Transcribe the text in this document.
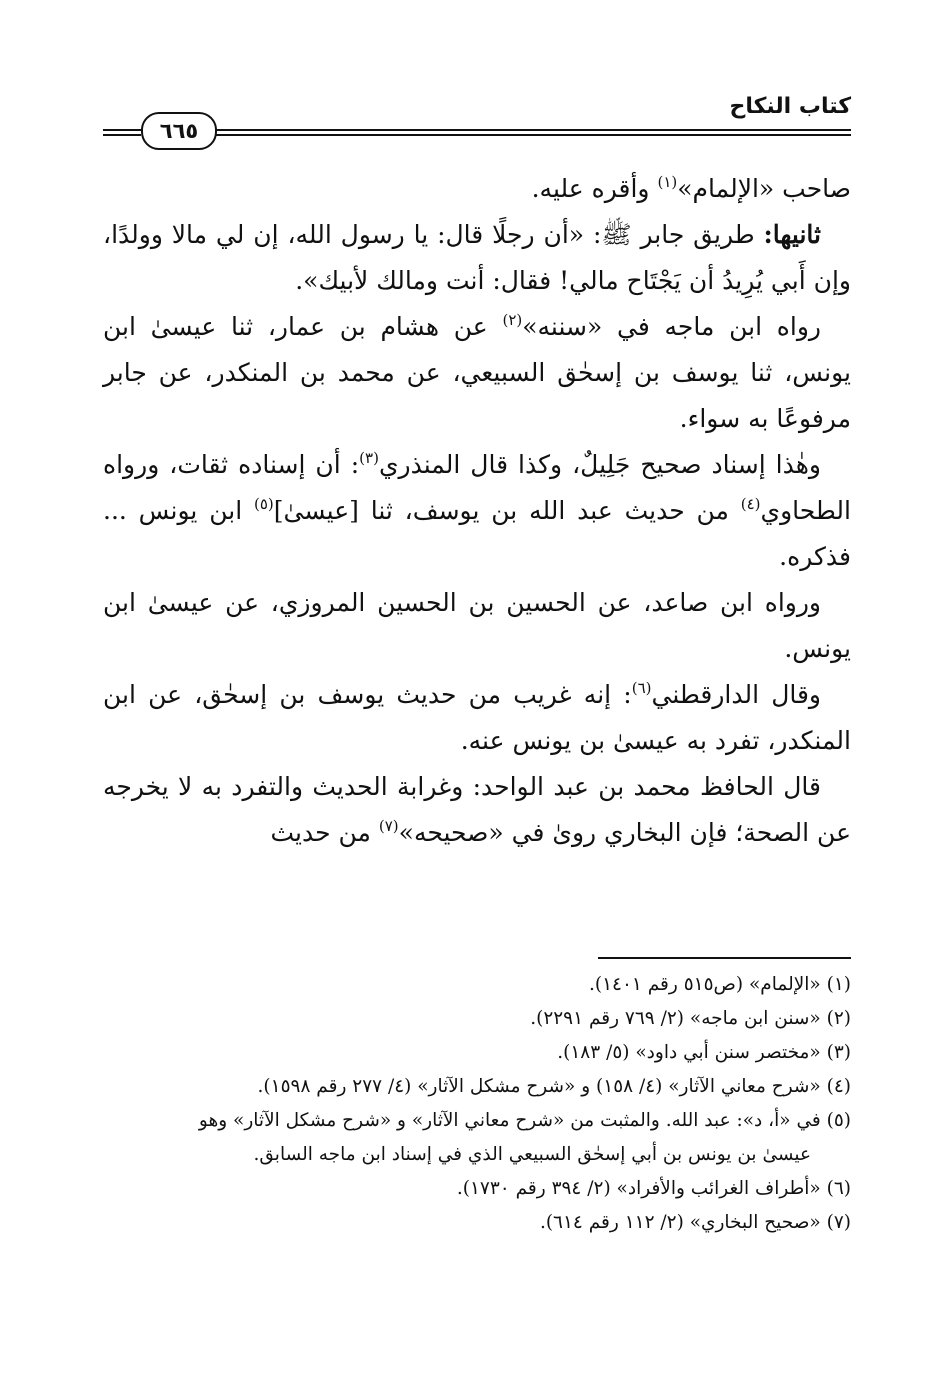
كتاب النكاح
٦٦٥

صاحب «الإلمام»$^{(١)}$ وأقره عليه.

ثانيها: طريق جابر ﷺ: «أن رجلًا قال: يا رسول الله، إن لي مالا وولدًا، وإن أَبي يُرِيدُ أن يَجْتَاح مالي! فقال: أنت ومالك لأبيك».

رواه ابن ماجه في «سننه»$^{(٢)}$ عن هشام بن عمار، ثنا عيسىٰ ابن يونس، ثنا يوسف بن إسحٰق السبيعي، عن محمد بن المنكدر، عن جابر مرفوعًا به سواء.

وهٰذا إسناد صحيح جَلِيلٌ، وكذا قال المنذري$^{(٣)}$: أن إسناده ثقات، ورواه الطحاوي$^{(٤)}$ من حديث عبد الله بن يوسف، ثنا [عيسىٰ]$^{(٥)}$ ابن يونس ... فذكره.

ورواه ابن صاعد، عن الحسين بن الحسين المروزي، عن عيسىٰ ابن يونس.

وقال الدارقطني$^{(٦)}$: إنه غريب من حديث يوسف بن إسحٰق، عن ابن المنكدر، تفرد به عيسىٰ بن يونس عنه.

قال الحافظ محمد بن عبد الواحد: وغرابة الحديث والتفرد به لا يخرجه عن الصحة؛ فإن البخاري روىٰ في «صحيحه»$^{(٧)}$ من حديث

(١) «الإلمام» (ص٥١٥ رقم ١٤٠١).

(٢) «سنن ابن ماجه» (٢/ ٧٦٩ رقم ٢٢٩١).

(٣) «مختصر سنن أبي داود» (٥/ ١٨٣).

(٤) «شرح معاني الآثار» (٤/ ١٥٨) و «شرح مشكل الآثار» (٤/ ٢٧٧ رقم ١٥٩٨).

(٥) في «أ، د»: عبد الله. والمثبت من «شرح معاني الآثار» و «شرح مشكل الآثار» وهو

عيسىٰ بن يونس بن أبي إسحٰق السبيعي الذي في إسناد ابن ماجه السابق.

(٦) «أطراف الغرائب والأفراد» (٢/ ٣٩٤ رقم ١٧٣٠).

(٧) «صحيح البخاري» (٢/ ١١٢ رقم ٦١٤).
